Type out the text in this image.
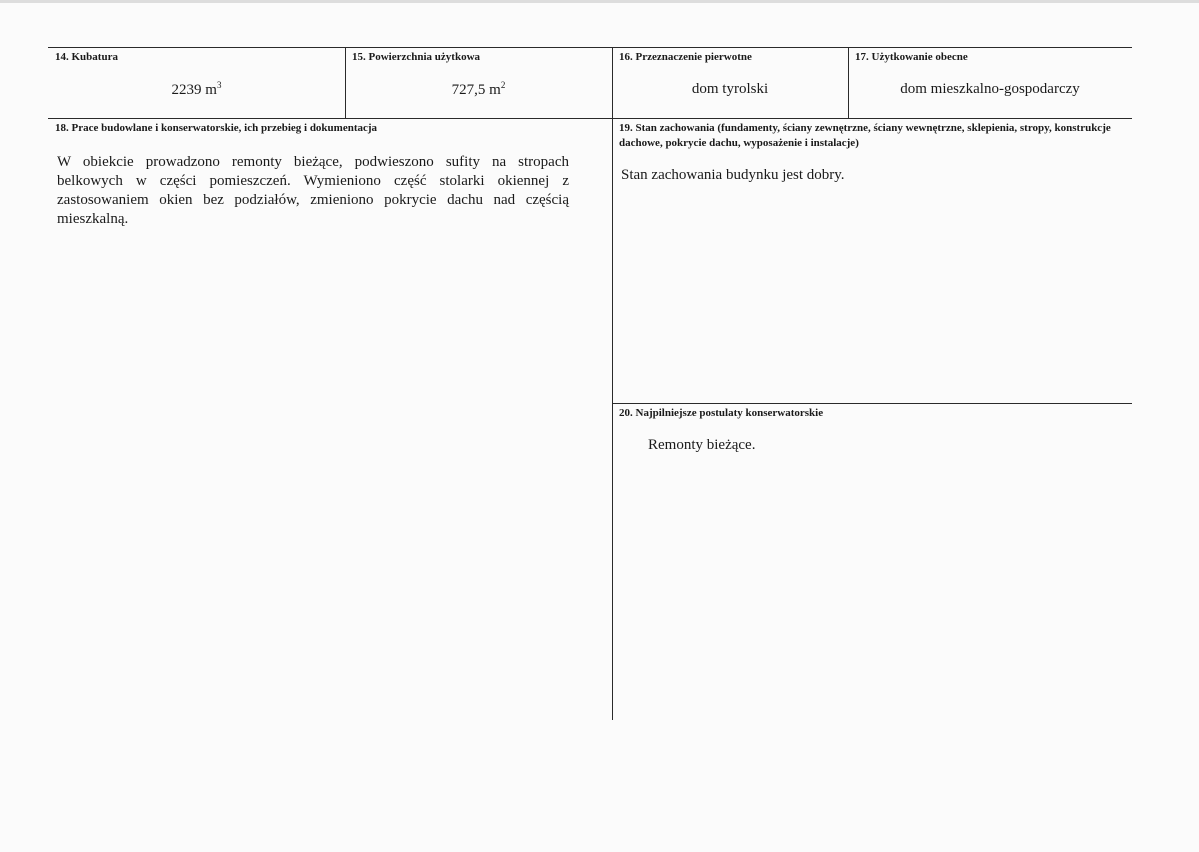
14. Kubatura
2239 $m^3$
15. Powierzchnia użytkowa
727,5 $m^2$
16. Przeznaczenie pierwotne
dom tyrolski
17. Użytkowanie obecne
dom mieszkalno-gospodarczy
18. Prace budowlane i konserwatorskie, ich przebieg i dokumentacja
W obiekcie prowadzono remonty bieżące, podwieszono sufity na stropach belkowych w części pomieszczeń. Wymieniono część stolarki okiennej z zastosowaniem okien bez podziałów, zmieniono pokrycie dachu nad częścią mieszkalną.
19. Stan zachowania (fundamenty, ściany zewnętrzne, ściany wewnętrzne, sklepienia, stropy, konstrukcje dachowe, pokrycie dachu, wyposażenie i instalacje)
Stan zachowania budynku jest dobry.
20. Najpilniejsze postulaty konserwatorskie
Remonty bieżące.
